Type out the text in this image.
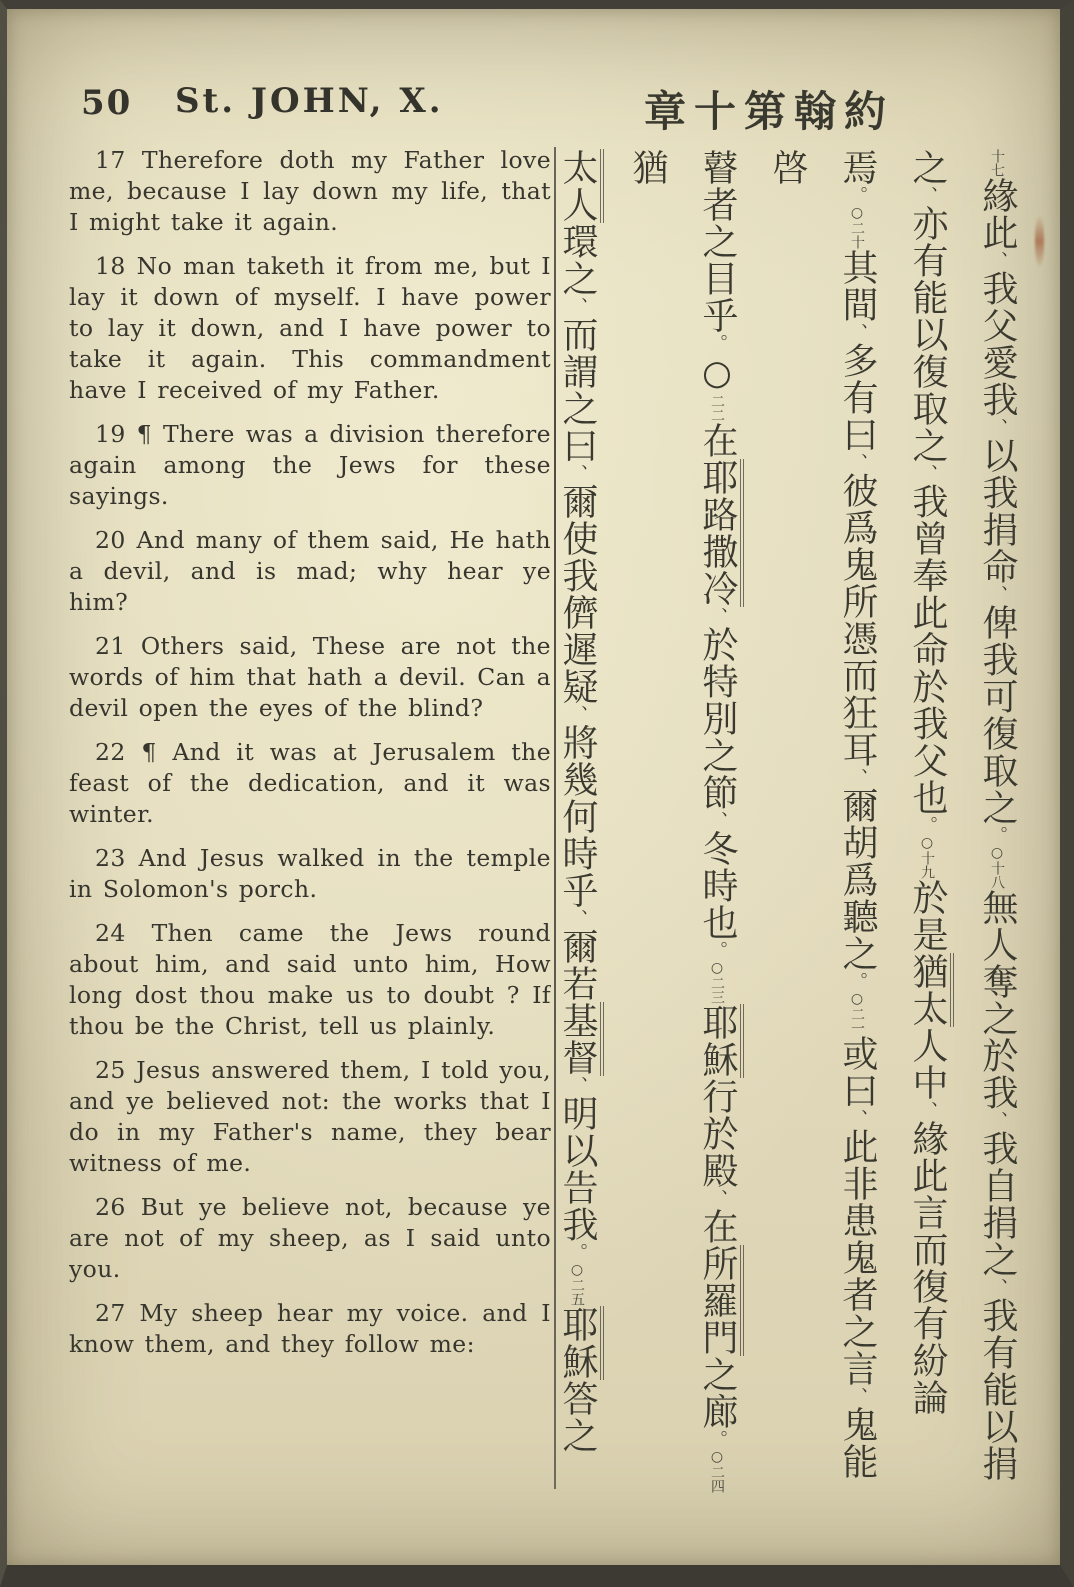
50 St. JOHN, X.	章十第翰約

17 Therefore doth my Father love me, because I lay down my life, that I might take it again.

18 No man taketh it from me, but I lay it down of myself. I have power to lay it down, and I have power to take it again. This commandment have I received of my Father.

19 ¶ There was a division therefore again among the Jews for these sayings.

20 And many of them said, He hath a devil, and is mad; why hear ye him?

21 Others said, These are not the words of him that hath a devil. Can a devil open the eyes of the blind?

22 ¶ And it was at Jerusalem the feast of the dedication, and it was winter.

23 And Jesus walked in the temple in Solomon's porch.

24 Then came the Jews round about him, and said unto him, How long dost thou make us to doubt ? If thou be the Christ, tell us plainly.

25 Jesus answered them, I told you, and ye believed not: the works that I do in my Father's name, they bear witness of me.

26 But ye believe not, because ye are not of my sheep, as I said unto you.

27 My sheep hear my voice. and I know them, and they follow me:

十七緣此、我父愛我、以我捐命、俾我可復取之。○十八無人奪之於我、我自捐之、我有能以捐
之、亦有能以復取之、我曾奉此命於我父也。○十九於是猶太人中、緣此言而復有紛論
焉。○二十其間、多有曰、彼爲鬼所憑而狂耳、爾胡爲聽之。○二一或曰、此非患鬼者之言、鬼能啓
瞽者之目乎。○二二在耶路撒冷、於特別之節、冬時也。○二三耶穌行於殿、在所羅門之廊。○二四猶
太人環之、而謂之曰、爾使我儕遲疑、將幾何時乎、爾若基督、明以告我。○二五耶穌答之
